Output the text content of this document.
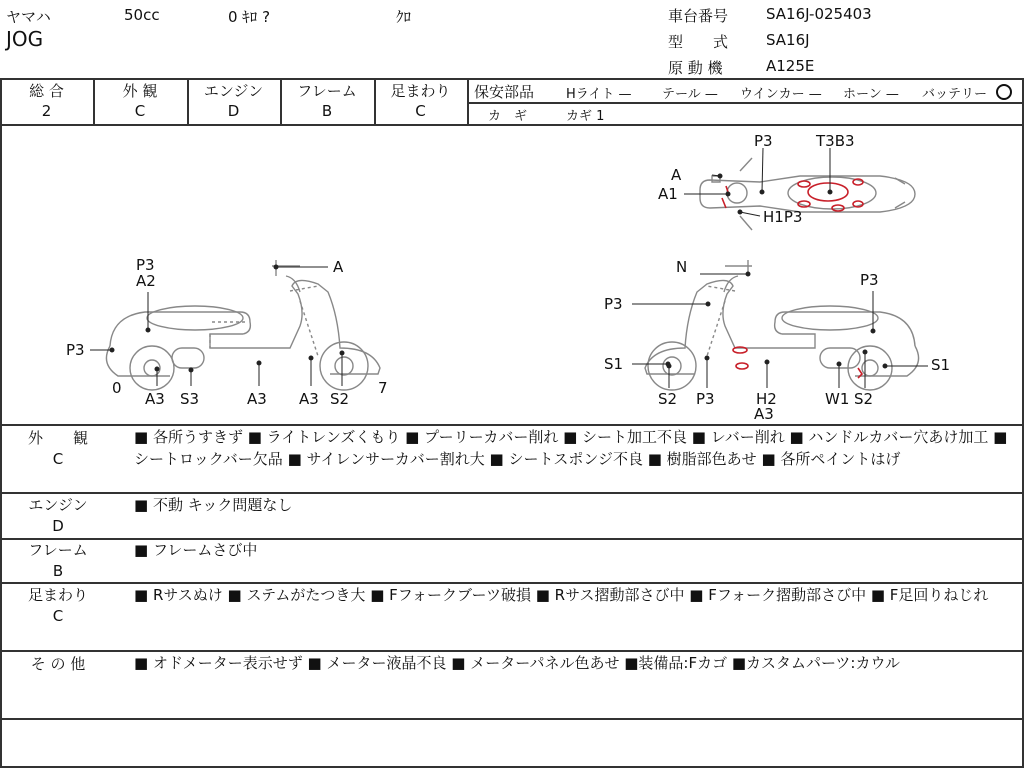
ヤマハ	50cc	0 ｷﾛ ?	ｸﾛ
JOG
車台番号	SA16J-025403
型　　式	SA16J
原 動 機	A125E
総 合
2
外 観
C
エンジン
D
フレーム
B
足まわり
C
保安部品 Hライト — テール — ウインカー — ホーン — バッテリー
カ　ギ	カギ 1
P3	T3B3
A
A1
H1P3
P3
A2
A
P3
0	7
A3 S3	A3 A3 S2
N
P3
P3
S1	S1
S2 P3	H2
A3
W1 S2
外　　観
C
■ 各所うすきず ■ ライトレンズくもり ■ プーリーカバー削れ ■ シート加工不良 ■ レバー削れ ■ ハンドルカバー穴あけ加工 ■ シートロックバー欠品 ■ サイレンサーカバー割れ大 ■ シートスポンジ不良 ■ 樹脂部色あせ ■ 各所ペイントはげ
エンジン
D
■ 不動 キック問題なし
フレーム
B
■ フレームさび中
足まわり
C
■ Rサスぬけ ■ ステムがたつき大 ■ Fフォークブーツ破損 ■ Rサス摺動部さび中 ■ Fフォーク摺動部さび中 ■ F足回りねじれ
そ の 他	■ オドメーター表示せず ■ メーター液晶不良 ■ メーターパネル色あせ ■装備品:Fカゴ ■カスタムパーツ:カウル
